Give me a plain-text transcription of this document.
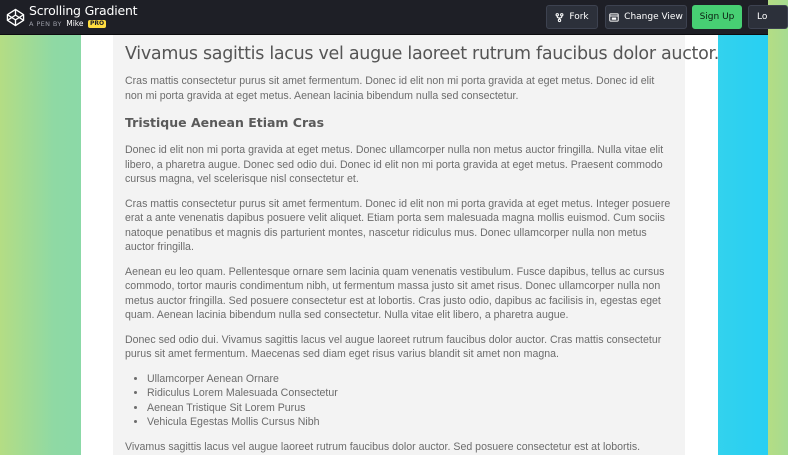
Scrolling Gradient
A PEN BY Mike PRO
Fork	Change View Sign Up	Lo
Vivamus sagittis lacus vel augue laoreet rutrum faucibus dolor auctor.

Cras mattis consectetur purus sit amet fermentum. Donec id elit non mi porta gravida at eget metus. Donec id elit non mi porta gravida at eget metus. Aenean lacinia bibendum nulla sed consectetur.

Tristique Aenean Etiam Cras

Donec id elit non mi porta gravida at eget metus. Donec ullamcorper nulla non metus auctor fringilla. Nulla vitae elit libero, a pharetra augue. Donec sed odio dui. Donec id elit non mi porta gravida at eget metus. Praesent commodo cursus magna, vel scelerisque nisl consectetur et.

Cras mattis consectetur purus sit amet fermentum. Donec id elit non mi porta gravida at eget metus. Integer posuere erat a ante venenatis dapibus posuere velit aliquet. Etiam porta sem malesuada magna mollis euismod. Cum sociis natoque penatibus et magnis dis parturient montes, nascetur ridiculus mus. Donec ullamcorper nulla non metus auctor fringilla.

Aenean eu leo quam. Pellentesque ornare sem lacinia quam venenatis vestibulum. Fusce dapibus, tellus ac cursus commodo, tortor mauris condimentum nibh, ut fermentum massa justo sit amet risus. Donec ullamcorper nulla non metus auctor fringilla. Sed posuere consectetur est at lobortis. Cras justo odio, dapibus ac facilisis in, egestas eget quam. Aenean lacinia bibendum nulla sed consectetur. Nulla vitae elit libero, a pharetra augue.

Donec sed odio dui. Vivamus sagittis lacus vel augue laoreet rutrum faucibus dolor auctor. Cras mattis consectetur purus sit amet fermentum. Maecenas sed diam eget risus varius blandit sit amet non magna.

• Ullamcorper Aenean Ornare
• Ridiculus Lorem Malesuada Consectetur
• Aenean Tristique Sit Lorem Purus
• Vehicula Egestas Mollis Cursus Nibh

Vivamus sagittis lacus vel augue laoreet rutrum faucibus dolor auctor. Sed posuere consectetur est at lobortis.
